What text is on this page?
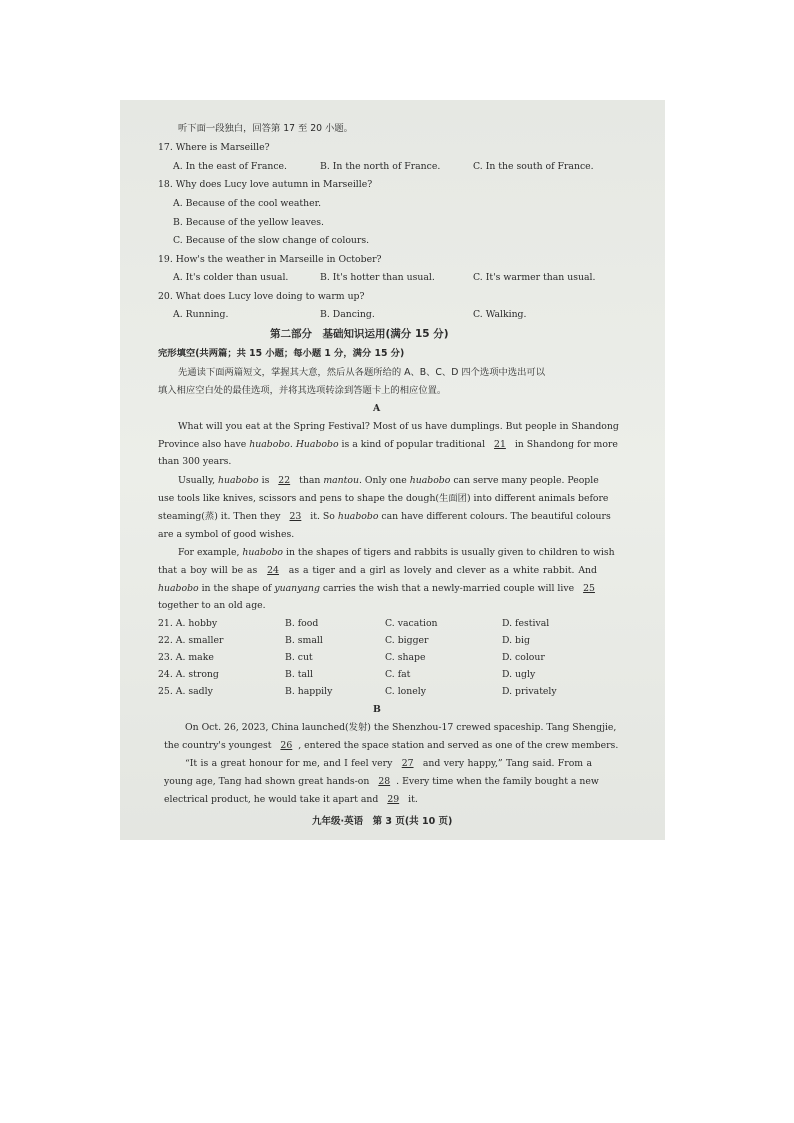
听下面一段独白，回答第 17 至 20 小题。
17. Where is Marseille?
A. In the east of France.	B. In the north of France.	C. In the south of France.
18. Why does Lucy love autumn in Marseille?
A. Because of the cool weather.
B. Because of the yellow leaves.
C. Because of the slow change of colours.
19. How's the weather in Marseille in October?
A. It's colder than usual.	B. It's hotter than usual.	C. It's warmer than usual.
20. What does Lucy love doing to warm up?
A. Running.	B. Dancing.	C. Walking.
第二部分　基础知识运用(满分 15 分)
完形填空(共两篇；共 15 小题；每小题 1 分，满分 15 分)
先通读下面两篇短文，掌握其大意，然后从各题所给的 A、B、C、D 四个选项中选出可以
填入相应空白处的最佳选项，并将其选项转涂到答题卡上的相应位置。
A
What will you eat at the Spring Festival? Most of us have dumplings. But people in Shandong
Province also have huabobo. Huabobo is a kind of popular traditional 21 in Shandong for more
than 300 years.
Usually, huabobo is 22 than mantou. Only one huabobo can serve many people. People
use tools like knives, scissors and pens to shape the dough(生面团) into different animals before
steaming(蒸) it. Then they 23 it. So huabobo can have different colours. The beautiful colours
are a symbol of good wishes.
For example, huabobo in the shapes of tigers and rabbits is usually given to children to wish
that a boy will be as 24 as a tiger and a girl as lovely and clever as a white rabbit. And
huabobo in the shape of yuanyang carries the wish that a newly-married couple will live 25
together to an old age.
21. A. hobby	B. food	C. vacation	D. festival
22. A. smaller	B. small	C. bigger	D. big
23. A. make	B. cut	C. shape	D. colour
24. A. strong	B. tall	C. fat	D. ugly
25. A. sadly	B. happily	C. lonely	D. privately
B
On Oct. 26, 2023, China launched(发射) the Shenzhou-17 crewed spaceship. Tang Shengjie,
the country's youngest 26 , entered the space station and served as one of the crew members.
“It is a great honour for me, and I feel very 27 and very happy,” Tang said. From a
young age, Tang had shown great hands-on 28 . Every time when the family bought a new
electrical product, he would take it apart and 29 it.
九年级·英语　第 3 页(共 10 页)
